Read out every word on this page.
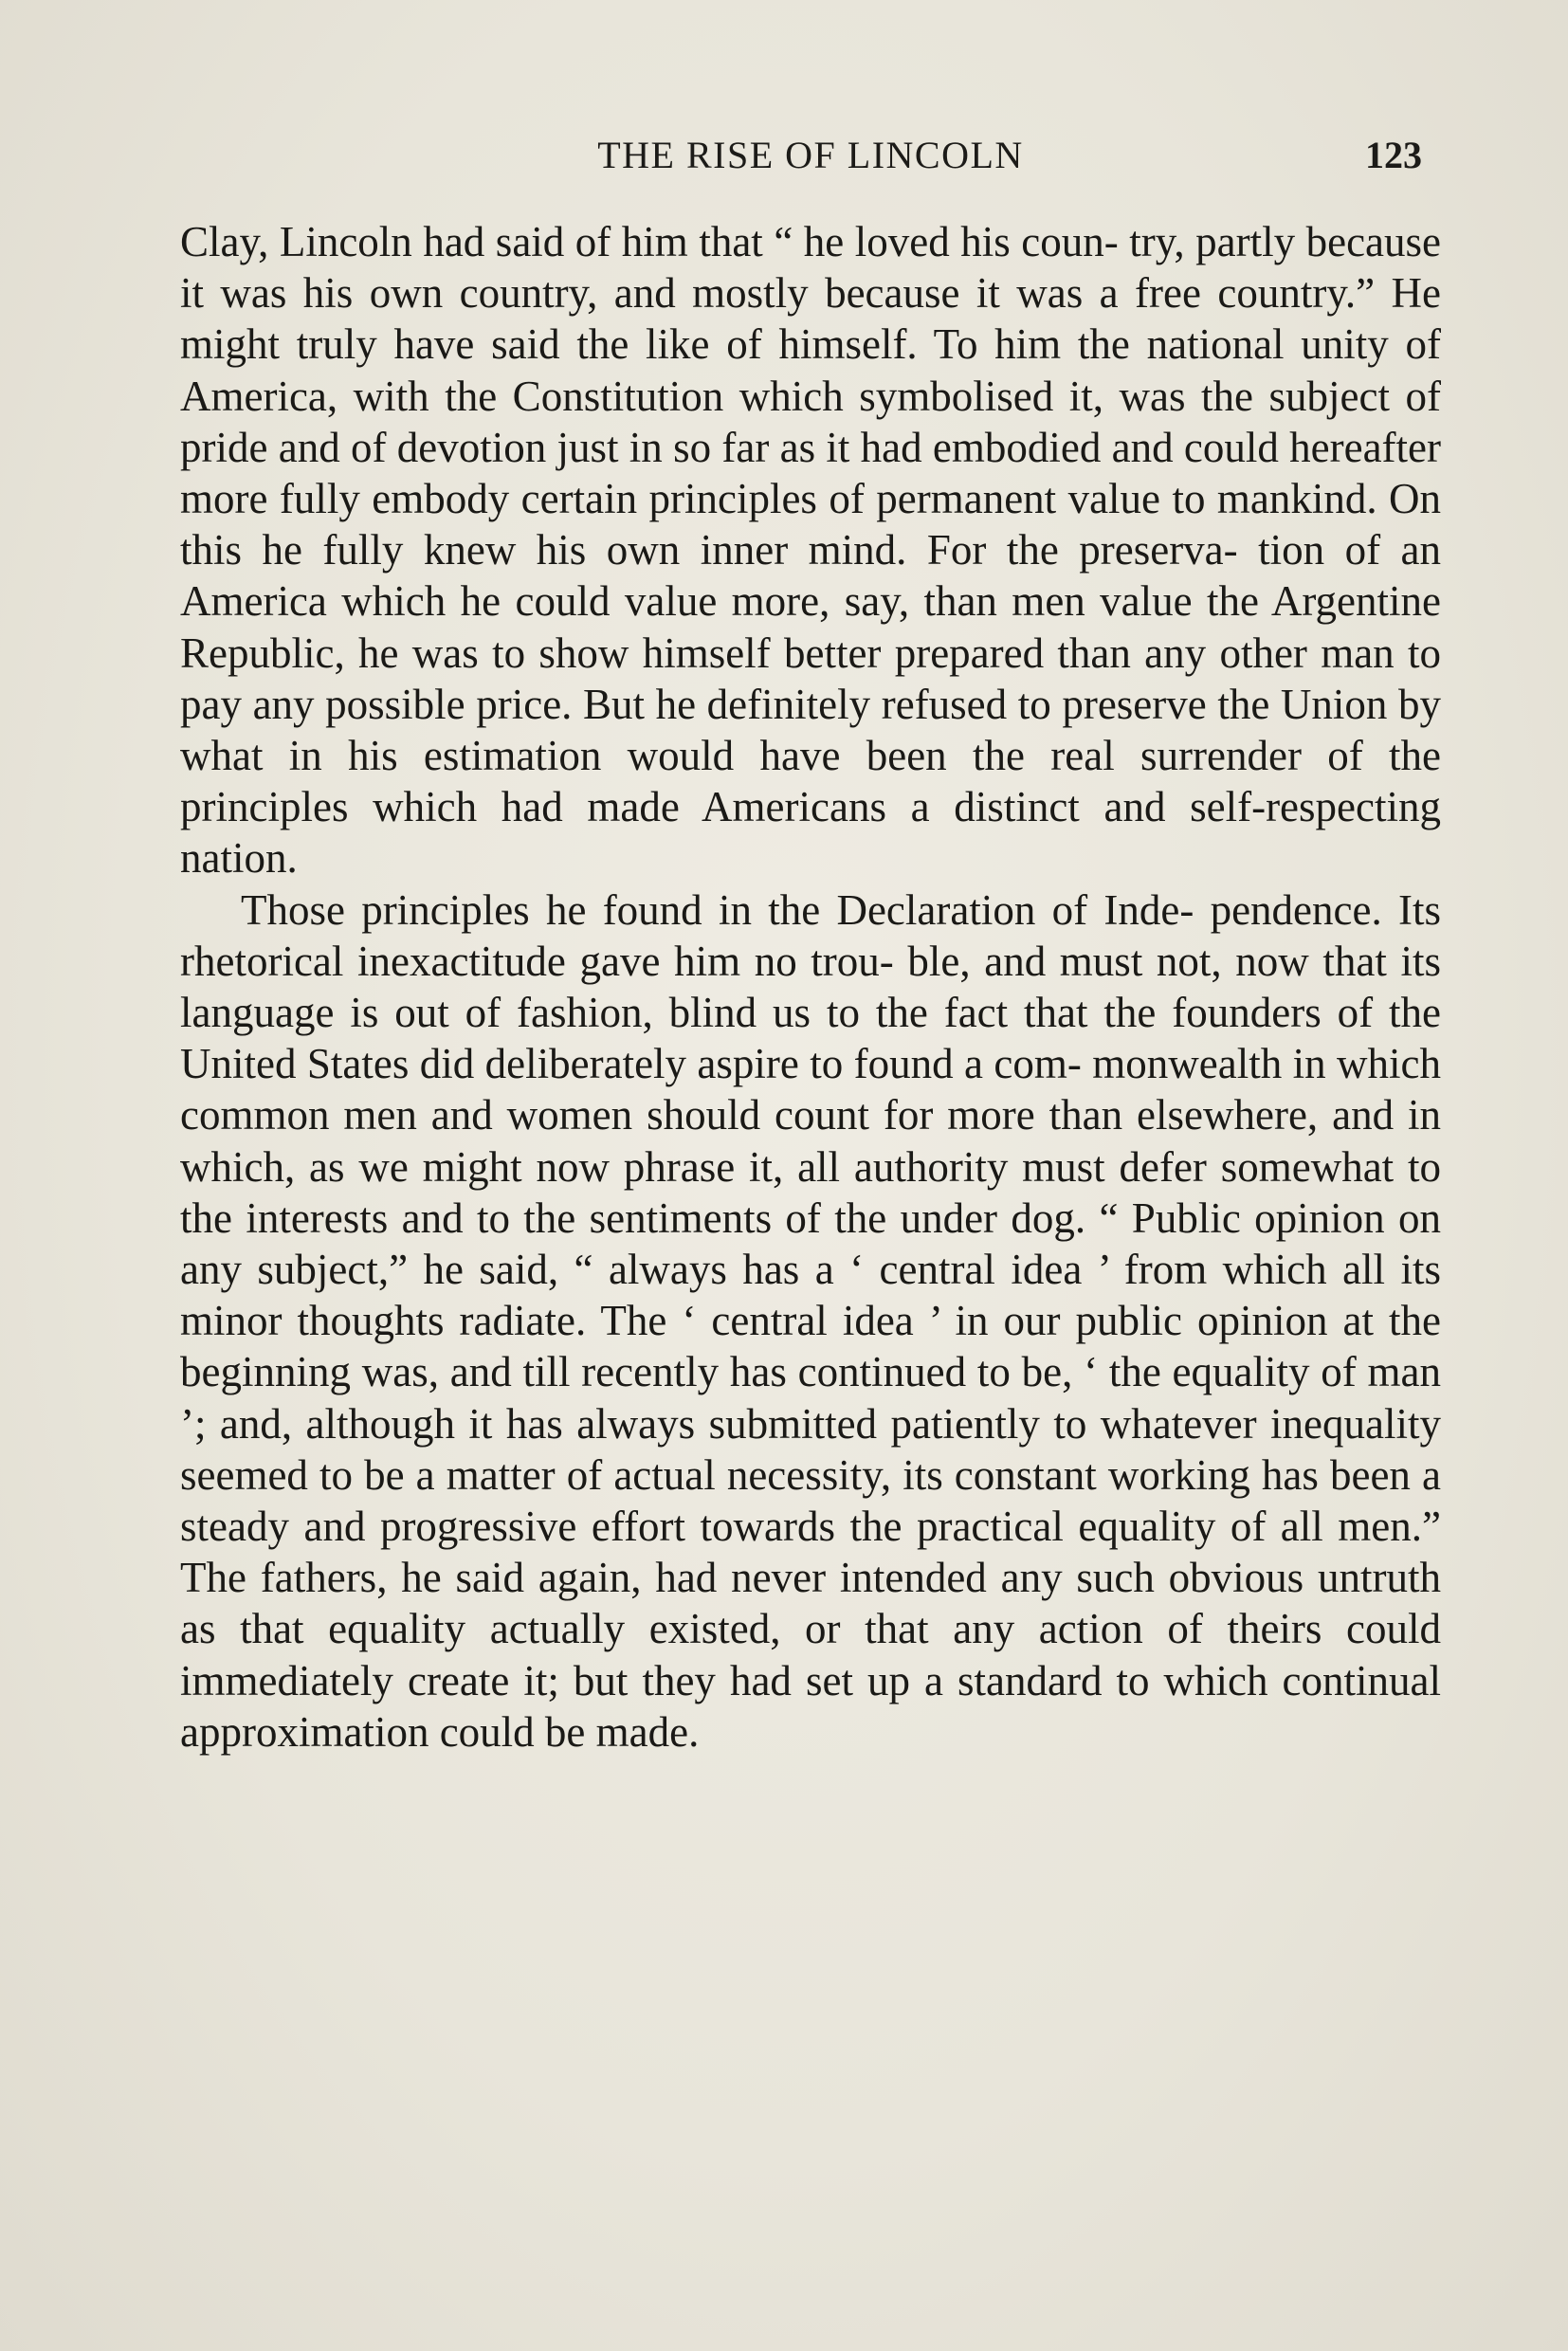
THE RISE OF LINCOLN	123

Clay, Lincoln had said of him that “ he loved his coun- try, partly because it was his own country, and mostly because it was a free country.” He might truly have said the like of himself. To him the national unity of America, with the Constitution which symbolised it, was the subject of pride and of devotion just in so far as it had embodied and could hereafter more fully embody certain principles of permanent value to mankind. On this he fully knew his own inner mind. For the preserva- tion of an America which he could value more, say, than men value the Argentine Republic, he was to show himself better prepared than any other man to pay any possible price. But he definitely refused to preserve the Union by what in his estimation would have been the real surrender of the principles which had made Americans a distinct and self-respecting nation.

Those principles he found in the Declaration of Inde- pendence. Its rhetorical inexactitude gave him no trou- ble, and must not, now that its language is out of fashion, blind us to the fact that the founders of the United States did deliberately aspire to found a com- monwealth in which common men and women should count for more than elsewhere, and in which, as we might now phrase it, all authority must defer somewhat to the interests and to the sentiments of the under dog. “ Public opinion on any subject,” he said, “ always has a ‘ central idea ’ from which all its minor thoughts radiate. The ‘ central idea ’ in our public opinion at the beginning was, and till recently has continued to be, ‘ the equality of man ’; and, although it has always submitted patiently to whatever inequality seemed to be a matter of actual necessity, its constant working has been a steady and progressive effort towards the practical equality of all men.” The fathers, he said again, had never intended any such obvious untruth as that equality actually existed, or that any action of theirs could immediately create it; but they had set up a standard to which continual approximation could be made.
